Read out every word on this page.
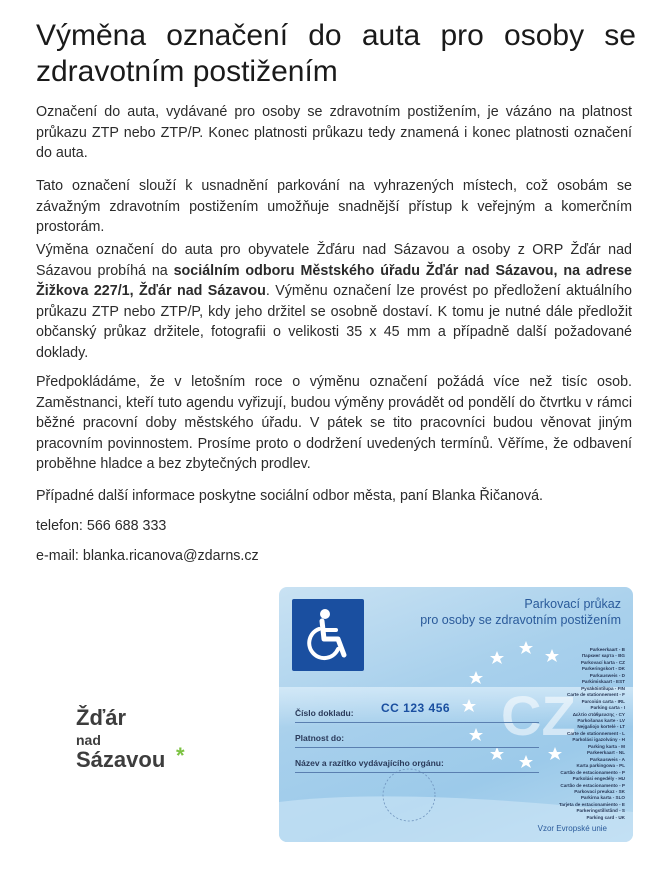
Výměna označení do auta pro osoby se zdravotním postižením

Označení do auta, vydávané pro osoby se zdravotním postižením, je vázáno na platnost průkazu ZTP nebo ZTP/P. Konec platnosti průkazu tedy znamená i konec platnosti označení do auta.

Tato označení slouží k usnadnění parkování na vyhrazených místech, což osobám se závažným zdravotním postižením umožňuje snadnější přístup k veřejným a komerčním prostorám.

Výměna označení do auta pro obyvatele Žďáru nad Sázavou a osoby z ORP Žďár nad Sázavou probíhá na sociálním odboru Městského úřadu Žďár nad Sázavou, na adrese Žižkova 227/1, Žďár nad Sázavou. Výměnu označení lze provést po předložení aktuálního průkazu ZTP nebo ZTP/P, kdy jeho držitel se osobně dostaví. K tomu je nutné dále předložit občanský průkaz držitele, fotografii o velikosti 35 x 45 mm a případně další požadované doklady.

Předpokládáme, že v letošním roce o výměnu označení požádá více než tisíc osob. Zaměstnanci, kteří tuto agendu vyřizují, budou výměny provádět od pondělí do čtvrtku v rámci běžné pracovní doby městského úřadu. V pátek se tito pracovníci budou věnovat jiným pracovním povinnostem. Prosíme proto o dodržení uvedených termínů. Věříme, že odbavení proběhne hladce a bez zbytečných prodlev.

Případné další informace poskytne sociální odbor města, paní Blanka Řičanová.

telefon: 566 688 333

e-mail: blanka.ricanova@zdarns.cz

Žďár
nad
Sázavou *
Parkovací průkaz
pro osoby se zdravotním postižením
CZ
Číslo dokladu: CC 123 456
Platnost do:
Název a razítko vydávajícího orgánu:
Parkeerkaart - B
Паркинг карта - BG
Parkovací karta - CZ
Parkeringskort - DK
Parkausweis - D
Parkimiskaart - EST
Pysäköintilupa - FIN
Carte de stationnement - F
Parcoiún carta - IRL
Parking carta - I
Δελτίο στάθμευσης - CY
Parkošanas karte - LV
Neįgaliojo kortelė - LT
Carte de stationnement - L
Parkolási igazolvány - H
Parking karta - M
Parkeerkaart - NL
Parkausweis - A
Karta parkingowa - PL
Cartão de estacionamento - P
Parkolási engedély - HU
Cartão de estacionamento - P
Parkovací preukaz - SK
Parkirna karta - SLO
Tarjeta de estacionamiento - E
Parkeringstillstånd - S
Parking card - UK
Vzor Evropské unie
